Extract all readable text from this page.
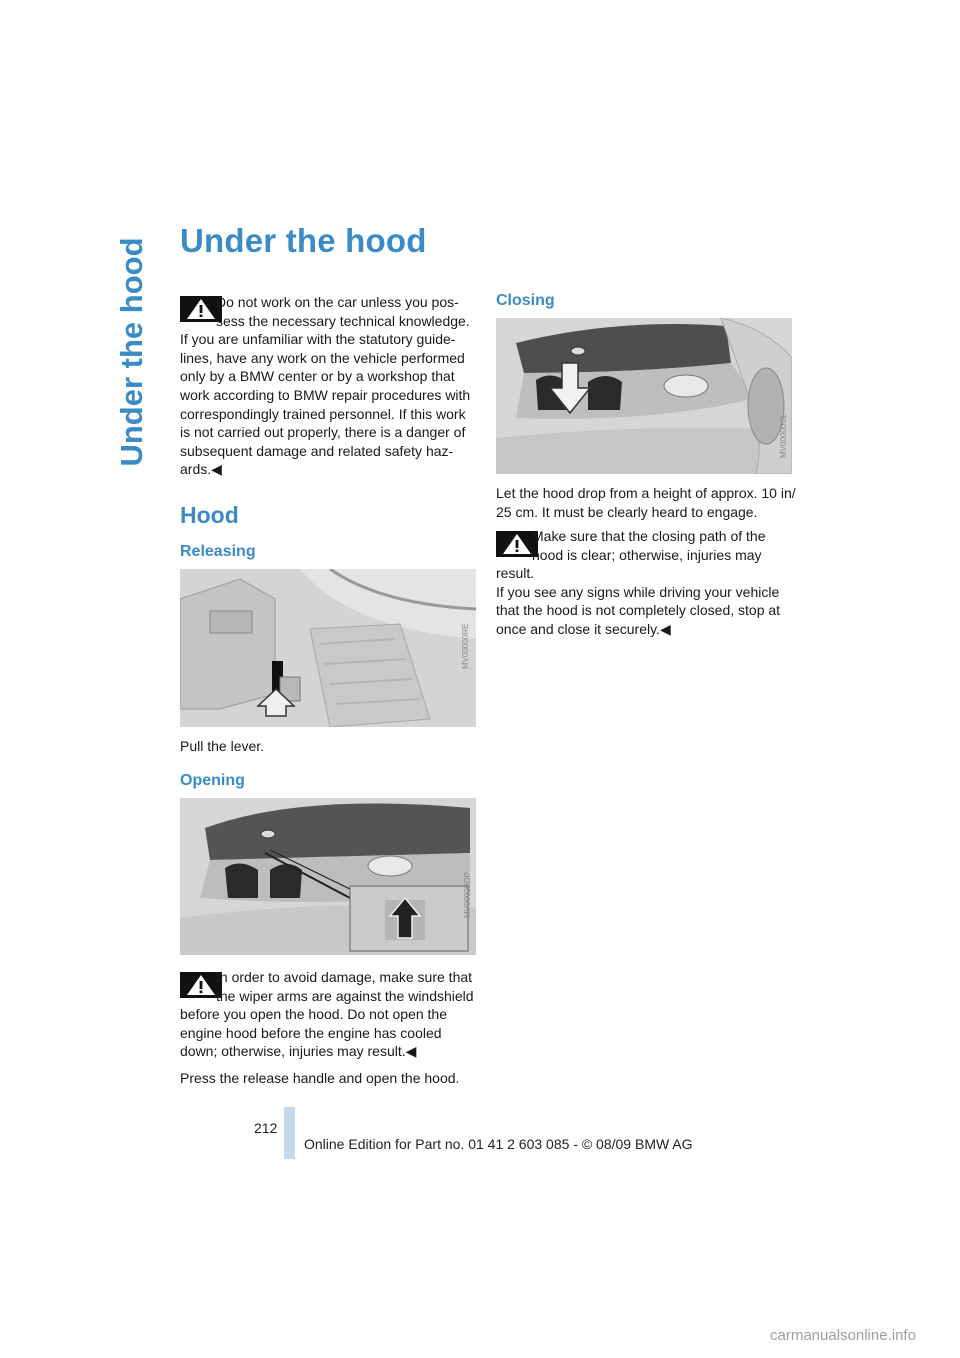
Under the hood Under the hood
Do not work on the car unless you pos-
sess the necessary technical knowledge.
If you are unfamiliar with the statutory guide-
lines, have any work on the vehicle performed
only by a BMW center or by a workshop that
work according to BMW repair procedures with
correspondingly trained personnel. If this work
is not carried out properly, there is a danger of
subsequent damage and related safety haz-
ards.◀
Hood
Releasing
MV00000RE
Pull the lever.
Opening
MV00000OP
In order to avoid damage, make sure that
the wiper arms are against the windshield
before you open the hood. Do not open the
engine hood before the engine has cooled
down; otherwise, injuries may result.◀
Press the release handle and open the hood.
Closing
MV00000CL
Let the hood drop from a height of approx. 10 in/
25 cm. It must be clearly heard to engage.
Make sure that the closing path of the
hood is clear; otherwise, injuries may
result.
If you see any signs while driving your vehicle
that the hood is not completely closed, stop at
once and close it securely.◀
212
Online Edition for Part no. 01 41 2 603 085 - © 08/09 BMW AG
carmanualsonline.info
